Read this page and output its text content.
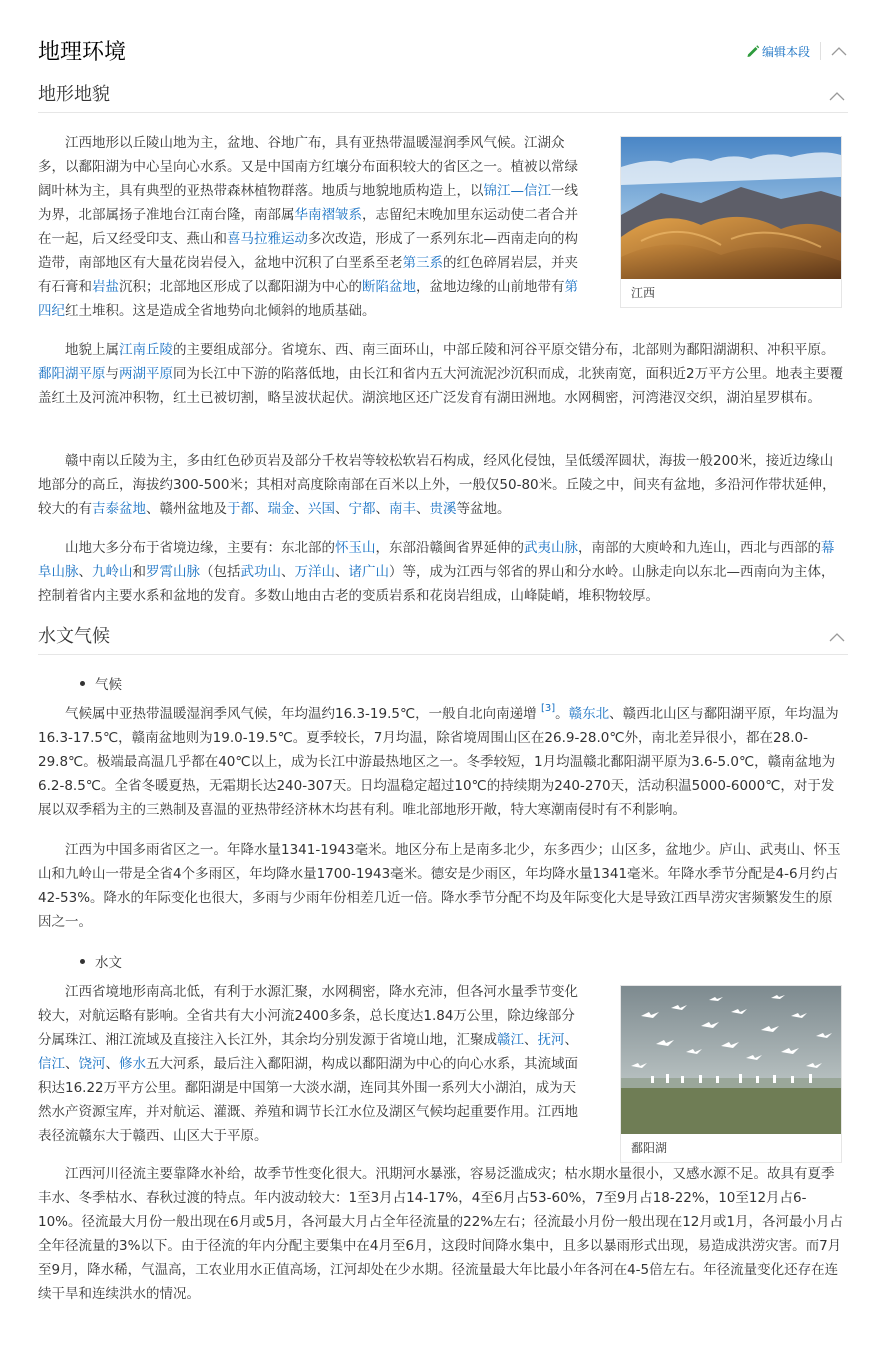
地理环境	编辑本段
地形地貌
江西

江西地形以丘陵山地为主，盆地、谷地广布，具有亚热带温暖湿润季风气候。江湖众多，以鄱阳湖为中心呈向心水系。又是中国南方红壤分布面积较大的省区之一。植被以常绿阔叶林为主，具有典型的亚热带森林植物群落。地质与地貌地质构造上，以锦江—信江一线为界，北部属扬子准地台江南台隆，南部属华南褶皱系，志留纪末晚加里东运动使二者合并在一起，后又经受印支、燕山和喜马拉雅运动多次改造，形成了一系列东北—西南走向的构造带，南部地区有大量花岗岩侵入，盆地中沉积了白垩系至老第三系的红色碎屑岩层，并夹有石膏和岩盐沉积；北部地区形成了以鄱阳湖为中心的断陷盆地，盆地边缘的山前地带有第四纪红土堆积。这是造成全省地势向北倾斜的地质基础。

地貌上属江南丘陵的主要组成部分。省境东、西、南三面环山，中部丘陵和河谷平原交错分布，北部则为鄱阳湖湖积、冲积平原。鄱阳湖平原与两湖平原同为长江中下游的陷落低地，由长江和省内五大河流泥沙沉积而成，北狭南宽，面积近2万平方公里。地表主要覆盖红土及河流冲积物，红土已被切割，略呈波状起伏。湖滨地区还广泛发育有湖田洲地。水网稠密，河湾港汊交织，湖泊星罗棋布。

赣中南以丘陵为主，多由红色砂页岩及部分千枚岩等较松软岩石构成，经风化侵蚀，呈低缓浑圆状，海拔一般200米，接近边缘山地部分的高丘，海拔约300-500米；其相对高度除南部在百米以上外，一般仅50-80米。丘陵之中，间夹有盆地，多沿河作带状延伸，较大的有吉泰盆地、赣州盆地及于都、瑞金、兴国、宁都、南丰、贵溪等盆地。

山地大多分布于省境边缘，主要有：东北部的怀玉山，东部沿赣闽省界延伸的武夷山脉，南部的大庾岭和九连山，西北与西部的幕阜山脉、九岭山和罗霄山脉（包括武功山、万洋山、诸广山）等，成为江西与邻省的界山和分水岭。山脉走向以东北—西南向为主体，控制着省内主要水系和盆地的发育。多数山地由古老的变质岩系和花岗岩组成，山峰陡峭，堆积物较厚。

水文气候
气候

气候属中亚热带温暖湿润季风气候，年均温约16.3-19.5℃，一般自北向南递增 [3]。赣东北、赣西北山区与鄱阳湖平原，年均温为16.3-17.5℃，赣南盆地则为19.0-19.5℃。夏季较长，7月均温，除省境周围山区在26.9-28.0℃外，南北差异很小，都在28.0-29.8℃。极端最高温几乎都在40℃以上，成为长江中游最热地区之一。冬季较短，1月均温赣北鄱阳湖平原为3.6-5.0℃，赣南盆地为6.2-8.5℃。全省冬暖夏热，无霜期长达240-307天。日均温稳定超过10℃的持续期为240-270天，活动积温5000-6000℃，对于发展以双季稻为主的三熟制及喜温的亚热带经济林木均甚有利。唯北部地形开敞，特大寒潮南侵时有不利影响。

江西为中国多雨省区之一。年降水量1341-1943毫米。地区分布上是南多北少，东多西少；山区多，盆地少。庐山、武夷山、怀玉山和九岭山一带是全省4个多雨区，年均降水量1700-1943毫米。德安是少雨区，年均降水量1341毫米。年降水季节分配是4-6月约占42-53%。降水的年际变化也很大，多雨与少雨年份相差几近一倍。降水季节分配不均及年际变化大是导致江西旱涝灾害频繁发生的原因之一。

水文
鄱阳湖

江西省境地形南高北低，有利于水源汇聚，水网稠密，降水充沛，但各河水量季节变化较大，对航运略有影响。全省共有大小河流2400多条，总长度达1.84万公里，除边缘部分分属珠江、湘江流域及直接注入长江外，其余均分别发源于省境山地，汇聚成赣江、抚河、信江、饶河、修水五大河系，最后注入鄱阳湖，构成以鄱阳湖为中心的向心水系，其流域面积达16.22万平方公里。鄱阳湖是中国第一大淡水湖，连同其外围一系列大小湖泊，成为天然水产资源宝库，并对航运、灌溉、养殖和调节长江水位及湖区气候均起重要作用。江西地表径流赣东大于赣西、山区大于平原。

江西河川径流主要靠降水补给，故季节性变化很大。汛期河水暴涨，容易泛滥成灾；枯水期水量很小，又感水源不足。故具有夏季丰水、冬季枯水、春秋过渡的特点。年内波动较大：1至3月占14-17%，4至6月占53-60%，7至9月占18-22%，10至12月占6-10%。径流最大月份一般出现在6月或5月，各河最大月占全年径流量的22%左右；径流最小月份一般出现在12月或1月，各河最小月占全年径流量的3%以下。由于径流的年内分配主要集中在4月至6月，这段时间降水集中，且多以暴雨形式出现，易造成洪涝灾害。而7月至9月，降水稀，气温高，工农业用水正值高场，江河却处在少水期。径流量最大年比最小年各河在4-5倍左右。年径流量变化还存在连续干旱和连续洪水的情况。
